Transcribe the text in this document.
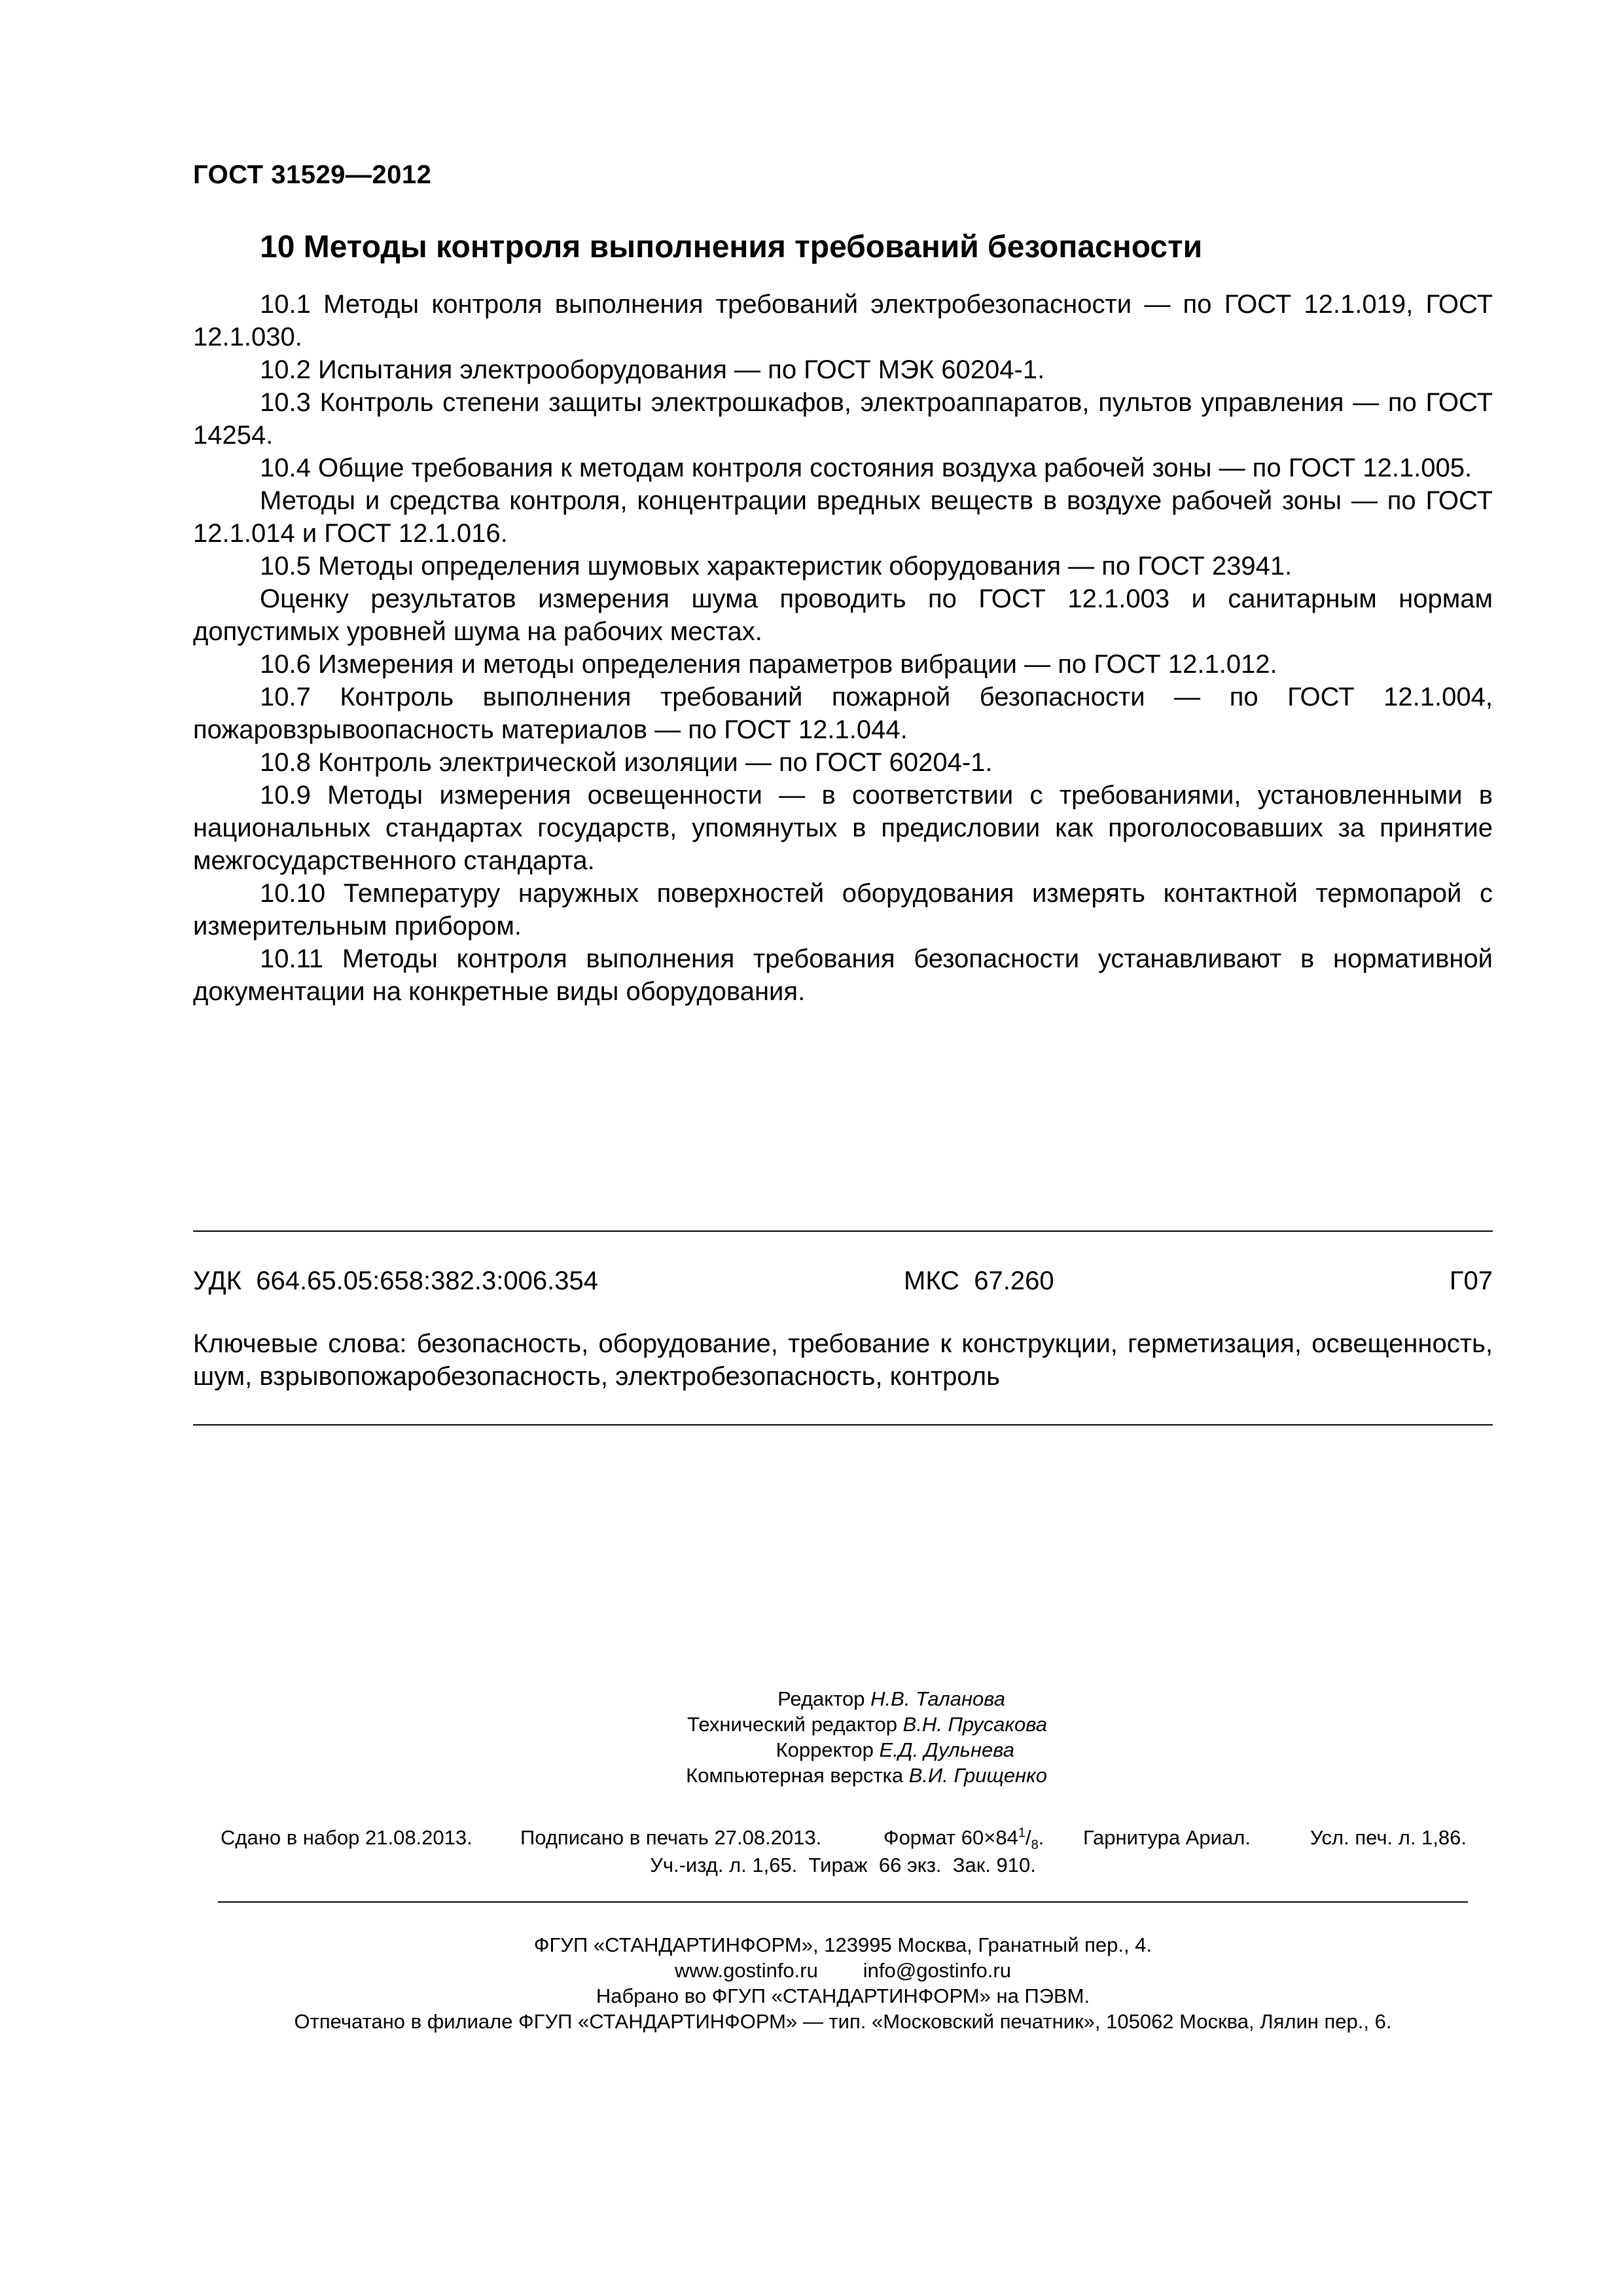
ГОСТ 31529—2012
10 Методы контроля выполнения требований безопасности

10.1 Методы контроля выполнения требований электробезопасности — по ГОСТ 12.1.019, ГОСТ 12.1.030.

10.2 Испытания электрооборудования — по ГОСТ МЭК 60204-1.

10.3 Контроль степени защиты электрошкафов, электроаппаратов, пультов управления — по ГОСТ 14254.

10.4 Общие требования к методам контроля состояния воздуха рабочей зоны — по ГОСТ 12.1.005.

Методы и средства контроля, концентрации вредных веществ в воздухе рабочей зоны — по ГОСТ 12.1.014 и ГОСТ 12.1.016.

10.5 Методы определения шумовых характеристик оборудования — по ГОСТ 23941.

Оценку результатов измерения шума проводить по ГОСТ 12.1.003 и санитарным нормам допустимых уровней шума на рабочих местах.

10.6 Измерения и методы определения параметров вибрации — по ГОСТ 12.1.012.

10.7 Контроль выполнения требований пожарной безопасности — по ГОСТ 12.1.004, пожаровзрывоопасность материалов — по ГОСТ 12.1.044.

10.8 Контроль электрической изоляции — по ГОСТ 60204-1.

10.9 Методы измерения освещенности — в соответствии с требованиями, установленными в национальных стандартах государств, упомянутых в предисловии как проголосовавших за принятие межгосударственного стандарта.

10.10 Температуру наружных поверхностей оборудования измерять контактной термопарой с измерительным прибором.

10.11 Методы контроля выполнения требования безопасности устанавливают в нормативной документации на конкретные виды оборудования.

УДК  664.65.05:658:382.3:006.354	МКС  67.260	Г07

Ключевые слова: безопасность, оборудование, требование к конструкции, герметизация, освещенность, шум, взрывопожаробезопасность, электробезопасность, контроль

Редактор Н.В. Таланова
Технический редактор В.Н. Прусакова
Корректор Е.Д. Дульнева
Компьютерная верстка В.И. Грищенко
Сдано в набор 21.08.2013. Подписано в печать 27.08.2013.	Формат $60\times 84^1/_8$. Гарнитура Ариал.	Усл. печ. л. 1,86.
Уч.-изд. л. 1,65.  Тираж  66 экз.  Зак. 910.
ФГУП «СТАНДАРТИНФОРМ», 123995 Москва, Гранатный пер., 4.
www.gostinfo.ru        info@gostinfo.ru
Набрано во ФГУП «СТАНДАРТИНФОРМ» на ПЭВМ.
Отпечатано в филиале ФГУП «СТАНДАРТИНФОРМ» — тип. «Московский печатник», 105062 Москва, Лялин пер., 6.
